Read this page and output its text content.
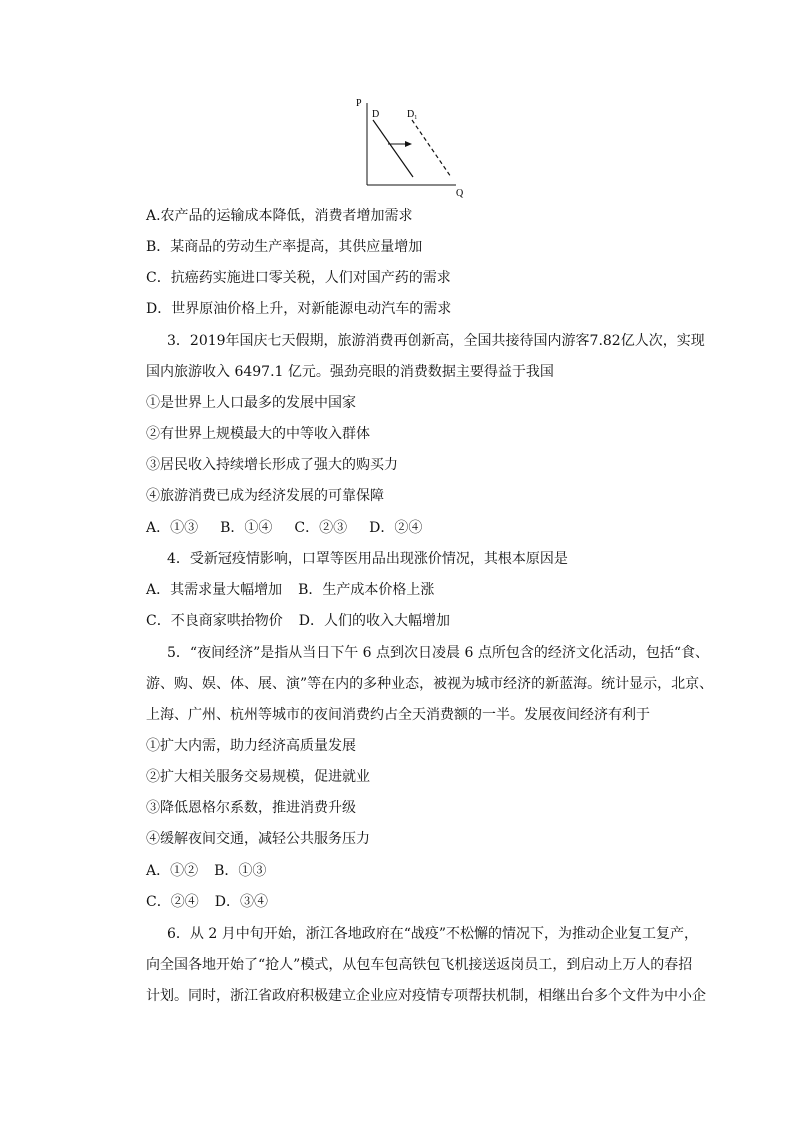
P
Q
D	$D_1$
A.农产品的运输成本降低，消费者增加需求
B．某商品的劳动生产率提高，其供应量增加
C．抗癌药实施进口零关税，人们对国产药的需求
D．世界原油价格上升，对新能源电动汽车的需求
3．2019年国庆七天假期，旅游消费再创新高，全国共接待国内游客7.82亿人次，实现
国内旅游收入 6497.1 亿元。强劲亮眼的消费数据主要得益于我国
①是世界上人口最多的发展中国家
②有世界上规模最大的中等收入群体
③居民收入持续增长形成了强大的购买力
④旅游消费已成为经济发展的可靠保障
A．①③ B．①④ C．②③ D．②④
4．受新冠疫情影响，口罩等医用品出现涨价情况，其根本原因是
A．其需求量大幅增加 B．生产成本价格上涨
C．不良商家哄抬物价 D．人们的收入大幅增加
5．“夜间经济”是指从当日下午 6 点到次日凌晨 6 点所包含的经济文化活动，包括“食、
游、购、娱、体、展、演”等在内的多种业态，被视为城市经济的新蓝海。统计显示，北京、
上海、广州、杭州等城市的夜间消费约占全天消费额的一半。发展夜间经济有利于
①扩大内需，助力经济高质量发展
②扩大相关服务交易规模，促进就业
③降低恩格尔系数，推进消费升级
④缓解夜间交通，减轻公共服务压力
A．①② B．①③
C．②④ D．③④
6．从 2 月中旬开始，浙江各地政府在“战疫”不松懈的情况下，为推动企业复工复产，
向全国各地开始了“抢人”模式，从包车包高铁包飞机接送返岗员工，到启动上万人的春招
计划。同时，浙江省政府积极建立企业应对疫情专项帮扶机制，相继出台多个文件为中小企
